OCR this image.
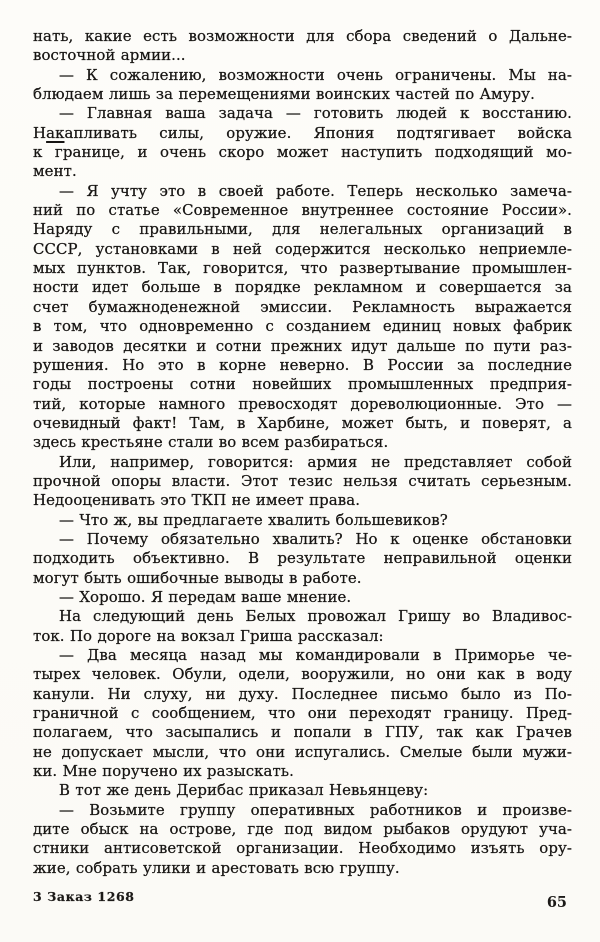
нать, какие есть возможности для сбора сведений о Дальне-
восточной армии...
— К сожалению, возможности очень ограничены. Мы на-
блюдаем лишь за перемещениями воинских частей по Амуру.
— Главная ваша задача — готовить людей к восстанию.
Накапливать силы, оружие. Япония подтягивает войска
к границе, и очень скоро может наступить подходящий мо-
мент.
— Я учту это в своей работе. Теперь несколько замеча-
ний по статье «Современное внутреннее состояние России».
Наряду с правильными, для нелегальных организаций в
СССР, установками в ней содержится несколько неприемле-
мых пунктов. Так, говорится, что развертывание промышлен-
ности идет больше в порядке рекламном и совершается за
счет бумажноденежной эмиссии. Рекламность выражается
в том, что одновременно с созданием единиц новых фабрик
и заводов десятки и сотни прежних идут дальше по пути раз-
рушения. Но это в корне неверно. В России за последние
годы построены сотни новейших промышленных предприя-
тий, которые намного превосходят дореволюционные. Это —
очевидный факт! Там, в Харбине, может быть, и поверят, а
здесь крестьяне стали во всем разбираться.
Или, например, говорится: армия не представляет собой
прочной опоры власти. Этот тезис нельзя считать серьезным.
Недооценивать это ТКП не имеет права.
— Что ж, вы предлагаете хвалить большевиков?
— Почему обязательно хвалить? Но к оценке обстановки
подходить объективно. В результате неправильной оценки
могут быть ошибочные выводы в работе.
— Хорошо. Я передам ваше мнение.
На следующий день Белых провожал Гришу во Владивос-
ток. По дороге на вокзал Гриша рассказал:
— Два месяца назад мы командировали в Приморье че-
тырех человек. Обули, одели, вооружили, но они как в воду
канули. Ни слуху, ни духу. Последнее письмо было из По-
граничной с сообщением, что они переходят границу. Пред-
полагаем, что засыпались и попали в ГПУ, так как Грачев
не допускает мысли, что они испугались. Смелые были мужи-
ки. Мне поручено их разыскать.
В тот же день Дерибас приказал Невьянцеву:
— Возьмите группу оперативных работников и произве-
дите обыск на острове, где под видом рыбаков орудуют уча-
стники антисоветской организации. Необходимо изъять ору-
жие, собрать улики и арестовать всю группу.
3 Заказ 1268	65
